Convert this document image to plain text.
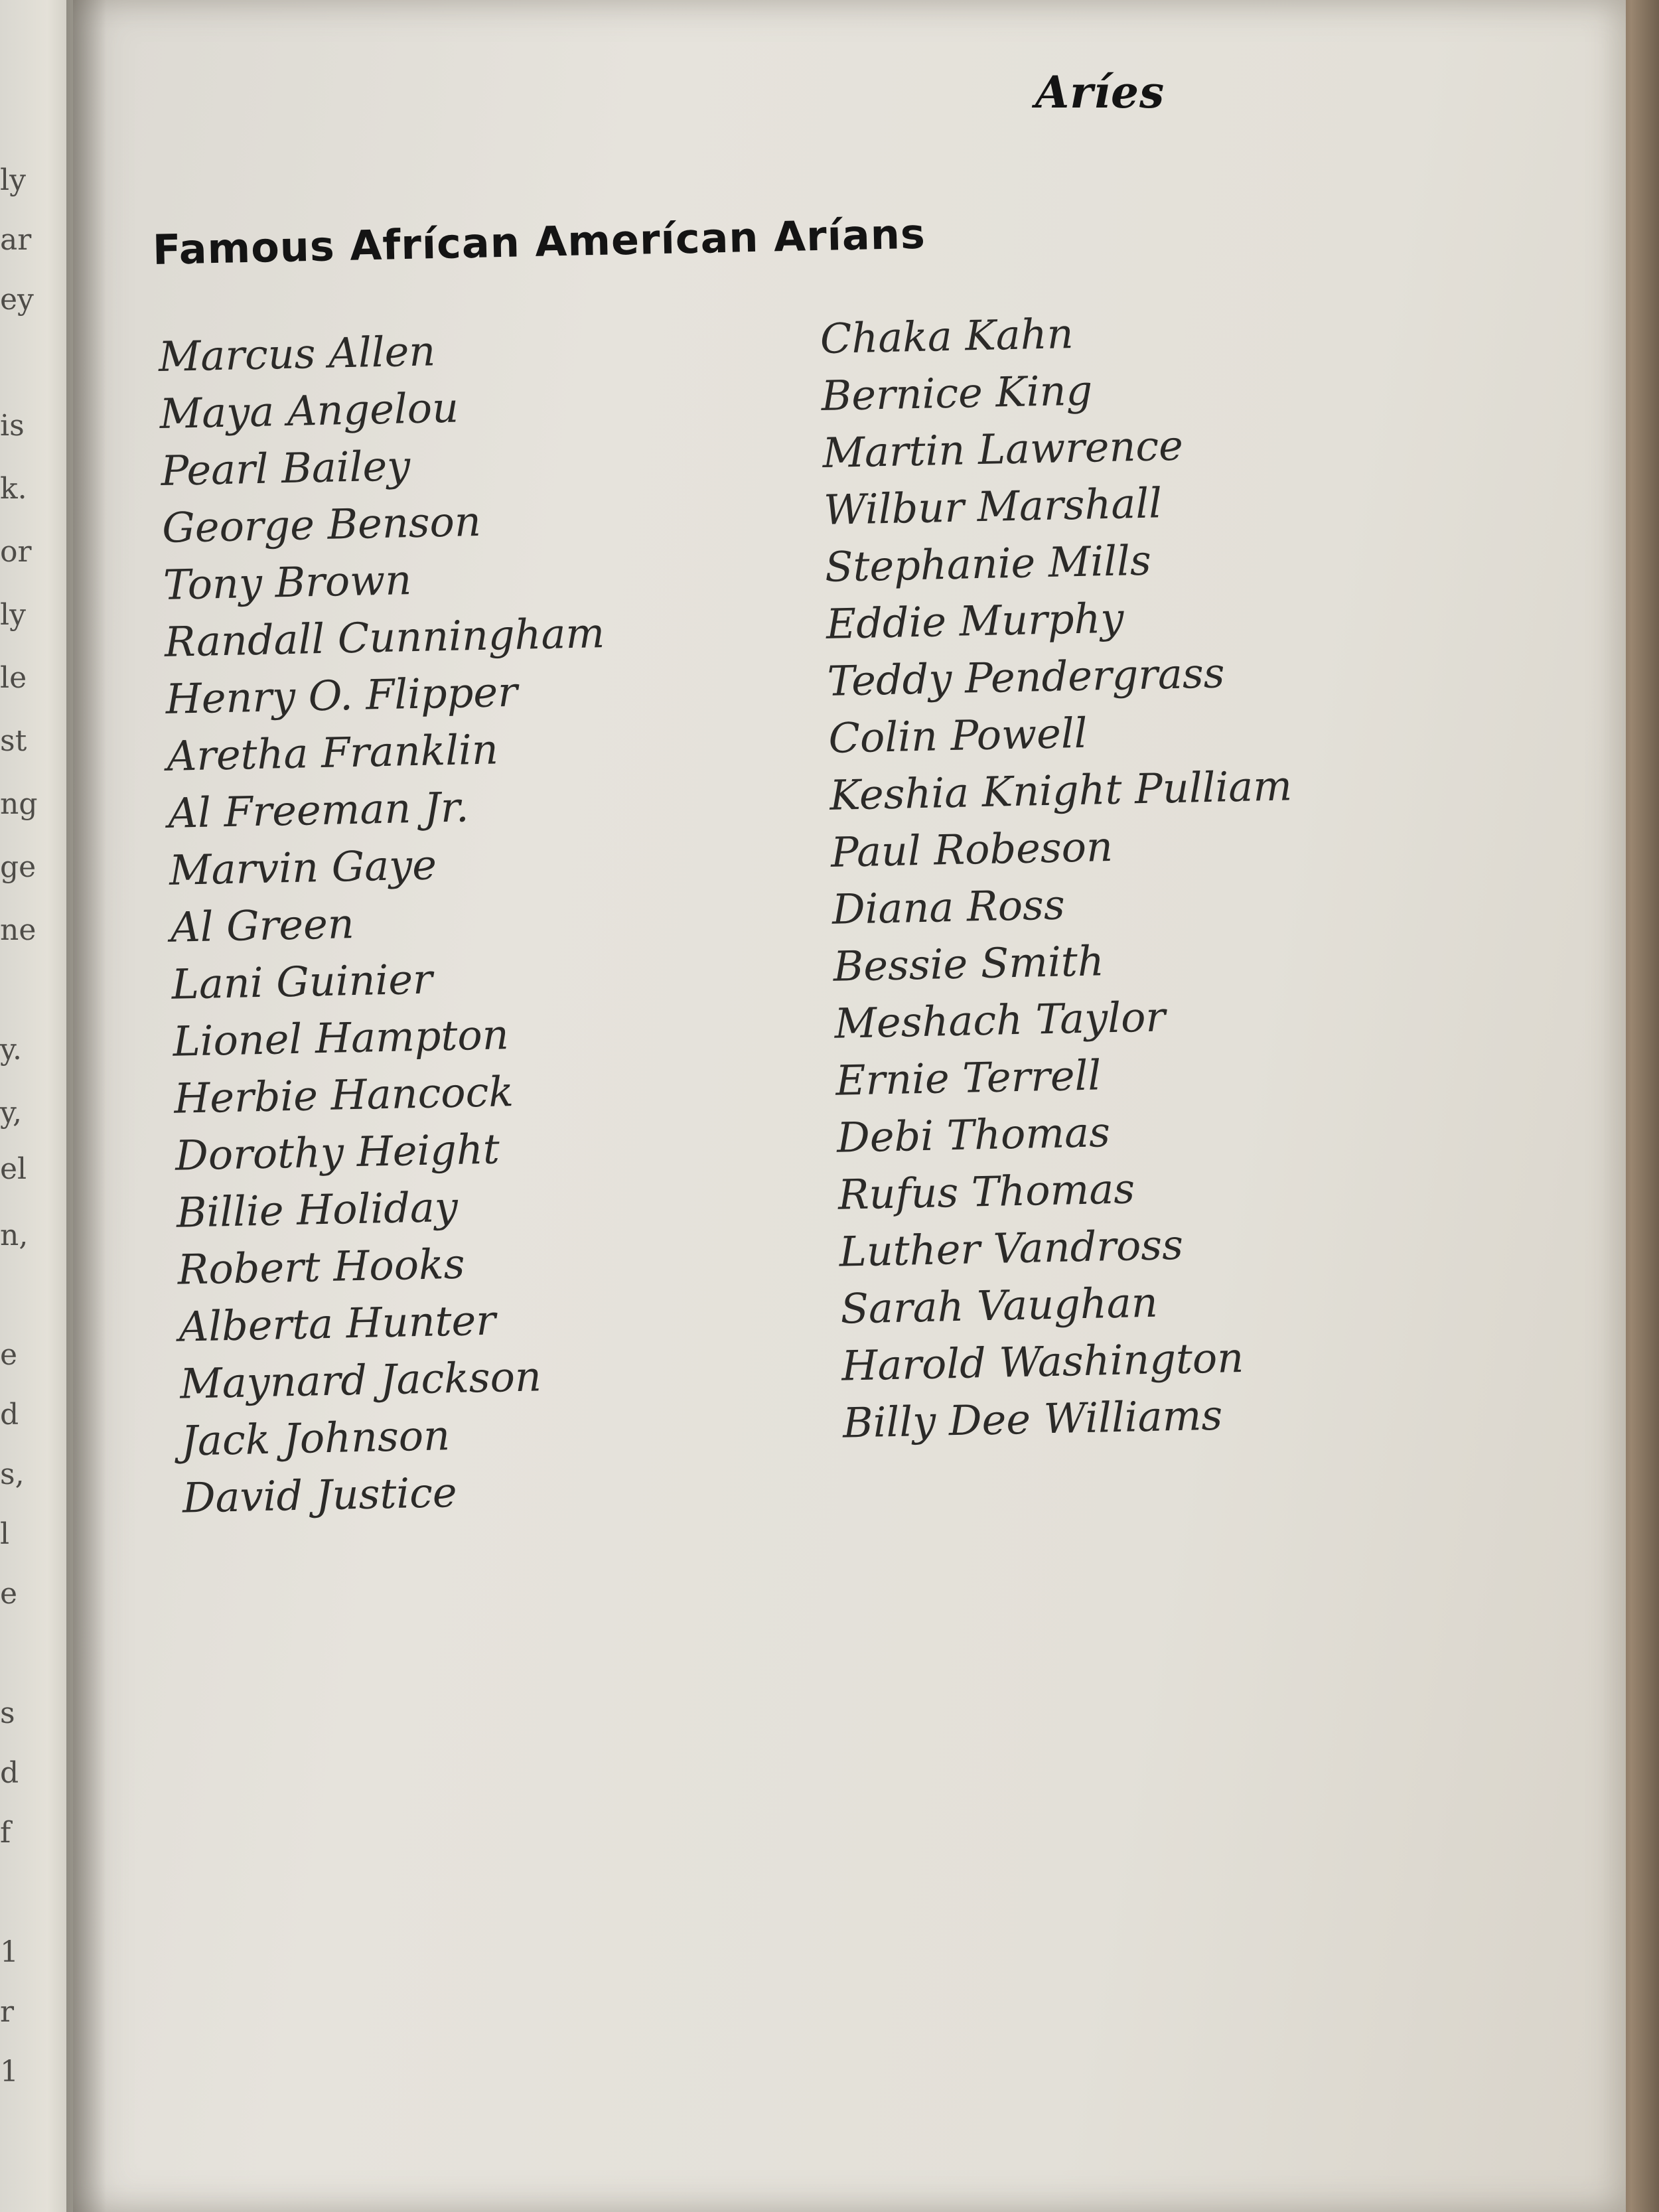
ly
ar
ey
is
k.
or
ly
le
st
ng
ge
ne
y.
y,
el
n,
e
d
s,
l
e
s
d
f
1
r
1
Aríes
Famous Afrícan Amerícan Aríans
Marcus Allen
Maya Angelou
Pearl Bailey
George Benson
Tony Brown
Randall Cunningham
Henry O. Flipper
Aretha Franklin
Al Freeman Jr.
Marvin Gaye
Al Green
Lani Guinier
Lionel Hampton
Herbie Hancock
Dorothy Height
Billie Holiday
Robert Hooks
Alberta Hunter
Maynard Jackson
Jack Johnson
David Justice
Chaka Kahn
Bernice King
Martin Lawrence
Wilbur Marshall
Stephanie Mills
Eddie Murphy
Teddy Pendergrass
Colin Powell
Keshia Knight Pulliam
Paul Robeson
Diana Ross
Bessie Smith
Meshach Taylor
Ernie Terrell
Debi Thomas
Rufus Thomas
Luther Vandross
Sarah Vaughan
Harold Washington
Billy Dee Williams
